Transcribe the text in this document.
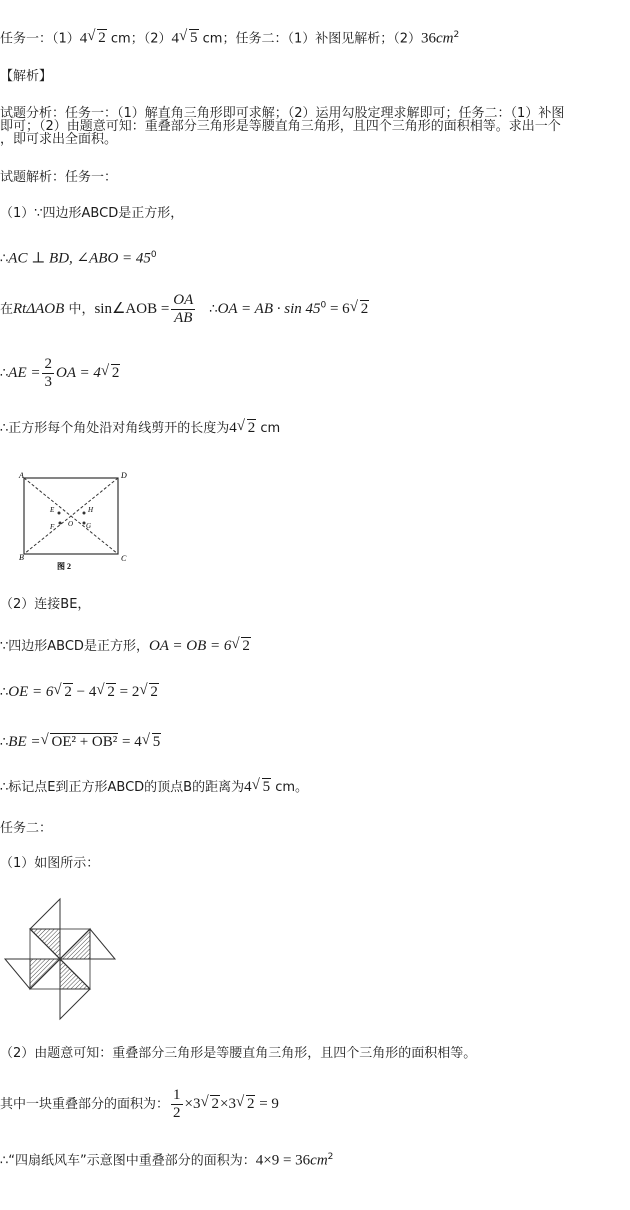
任务一：（1）4√ 2 cm；（2）4√ 5 cm；任务二：（1）补图见解析；$(2)36cm^2$
【解析】
试题分析：任务一：（1）解直角三角形即可求解；（2）运用勾股定理求解即可；任务二：（1）补图
即可；（2）由题意可知：重叠部分三角形是等腰直角三角形，且四个三角形的面积相等。求出一个
，即可求出全面积。
试题解析：任务一：
（1）∵四边形ABCD是正方形，
∴AC ⊥ BD, ∠ABO = $45^0$
在RtΔAOB 中，sin∠AOB = $\frac{OA}{AB}$ ∴OA = AB · $\sin 45^0 = 6√$ 2
∴AE = $\frac{2}{3}$ OA = 4√ 2
∴正方形每个角处沿对角线剪开的长度为4√ 2 cm
A	D
B	C
E	H
F O G
图 2
（2）连接BE，
∵四边形ABCD是正方形，OA = OB = 6√ 2
∴OE = 6√ 2 − 4√ 2 = 2√ 2
∴BE =√ OE² + OB² = 4√ 5
∴标记点E到正方形ABCD的顶点B的距离为4√ 5 cm。
任务二：
（1）如图所示：
（2）由题意可知：重叠部分三角形是等腰直角三角形，且四个三角形的面积相等。
其中一块重叠部分的面积为： $\frac{1}{2} \times 3√$ 2×3√ 2 = 9
∴“四扇纸风车”示意图中重叠部分的面积为：$4\times 9 = 36cm^2$
